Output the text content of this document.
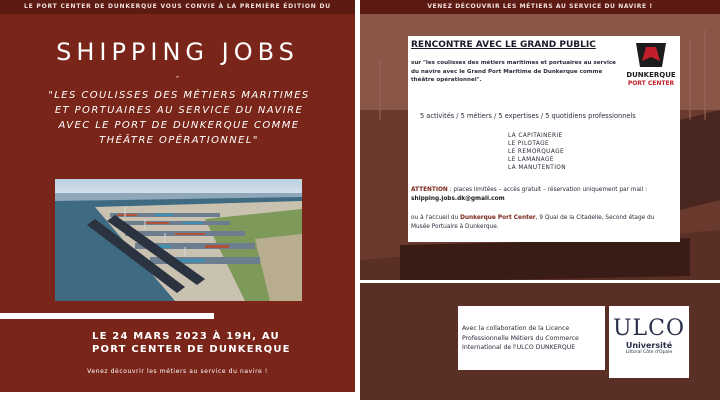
LE PORT CENTER DE DUNKERQUE VOUS CONVIE À LA PREMIÈRE ÉDITION DU
SHIPPING JOBS
-
"LES COULISSES DES MÉTIERS MARITIMES ET PORTUAIRES AU SERVICE DU NAVIRE AVEC LE PORT DE DUNKERQUE COMME THÉÂTRE OPÉRATIONNEL"
LE 24 MARS 2023 À 19H, AU PORT CENTER DE DUNKERQUE
Venez découvrir les métiers au service du navire !
VENEZ DÉCOUVRIR LES MÉTIERS AU SERVICE DU NAVIRE !
RENCONTRE AVEC LE GRAND PUBLIC
DUNKERQUE
PORT CENTER
sur "les coulisses des métiers maritimes et portuaires au service du navire avec le Grand Port Maritime de Dunkerque comme théâtre opérationnel".
5 activités / 5 métiers / 5 expertises / 5 quotidiens professionnels
LA CAPITAINERIE
LE PILOTAGE
LE REMORQUAGE
LE LAMANAGE
LA MANUTENTION
ATTENTION : places limitées – accès gratuit – réservation uniquement par mail : shipping.jobs.dk@gmail.com
ou à l'accueil du Dunkerque Port Center, 9 Quai de la Citadelle, Second étage du Musée Portuaire à Dunkerque.
Avec la collaboration de la Licence Professionnelle Métiers du Commerce International de l'ULCO DUNKERQUE
ULCO
Université
Littoral Côte d'Opale
